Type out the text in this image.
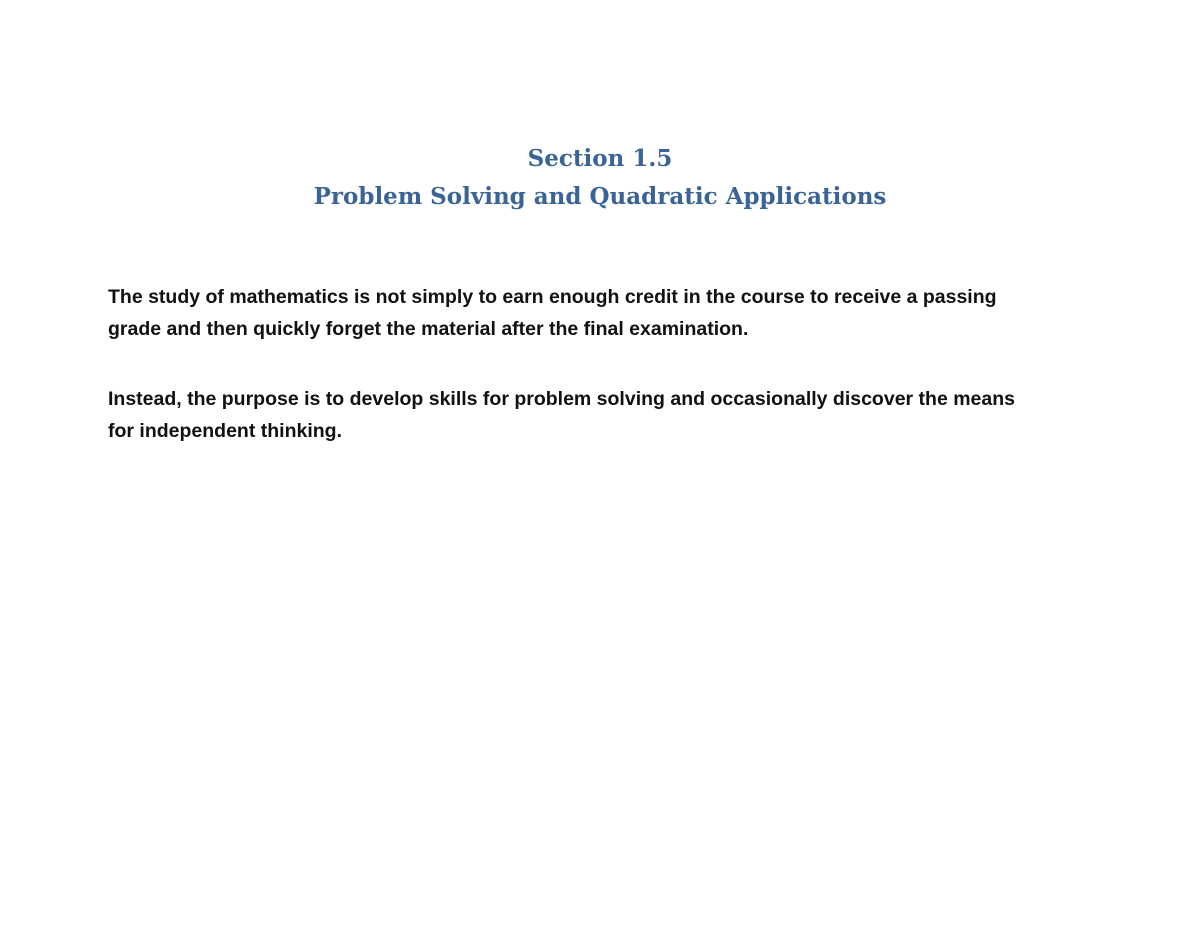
Section 1.5
Problem Solving and Quadratic Applications

The study of mathematics is not simply to earn enough credit in the course to receive a passing
grade and then quickly forget the material after the final examination.

Instead, the purpose is to develop skills for problem solving and occasionally discover the means
for independent thinking.
